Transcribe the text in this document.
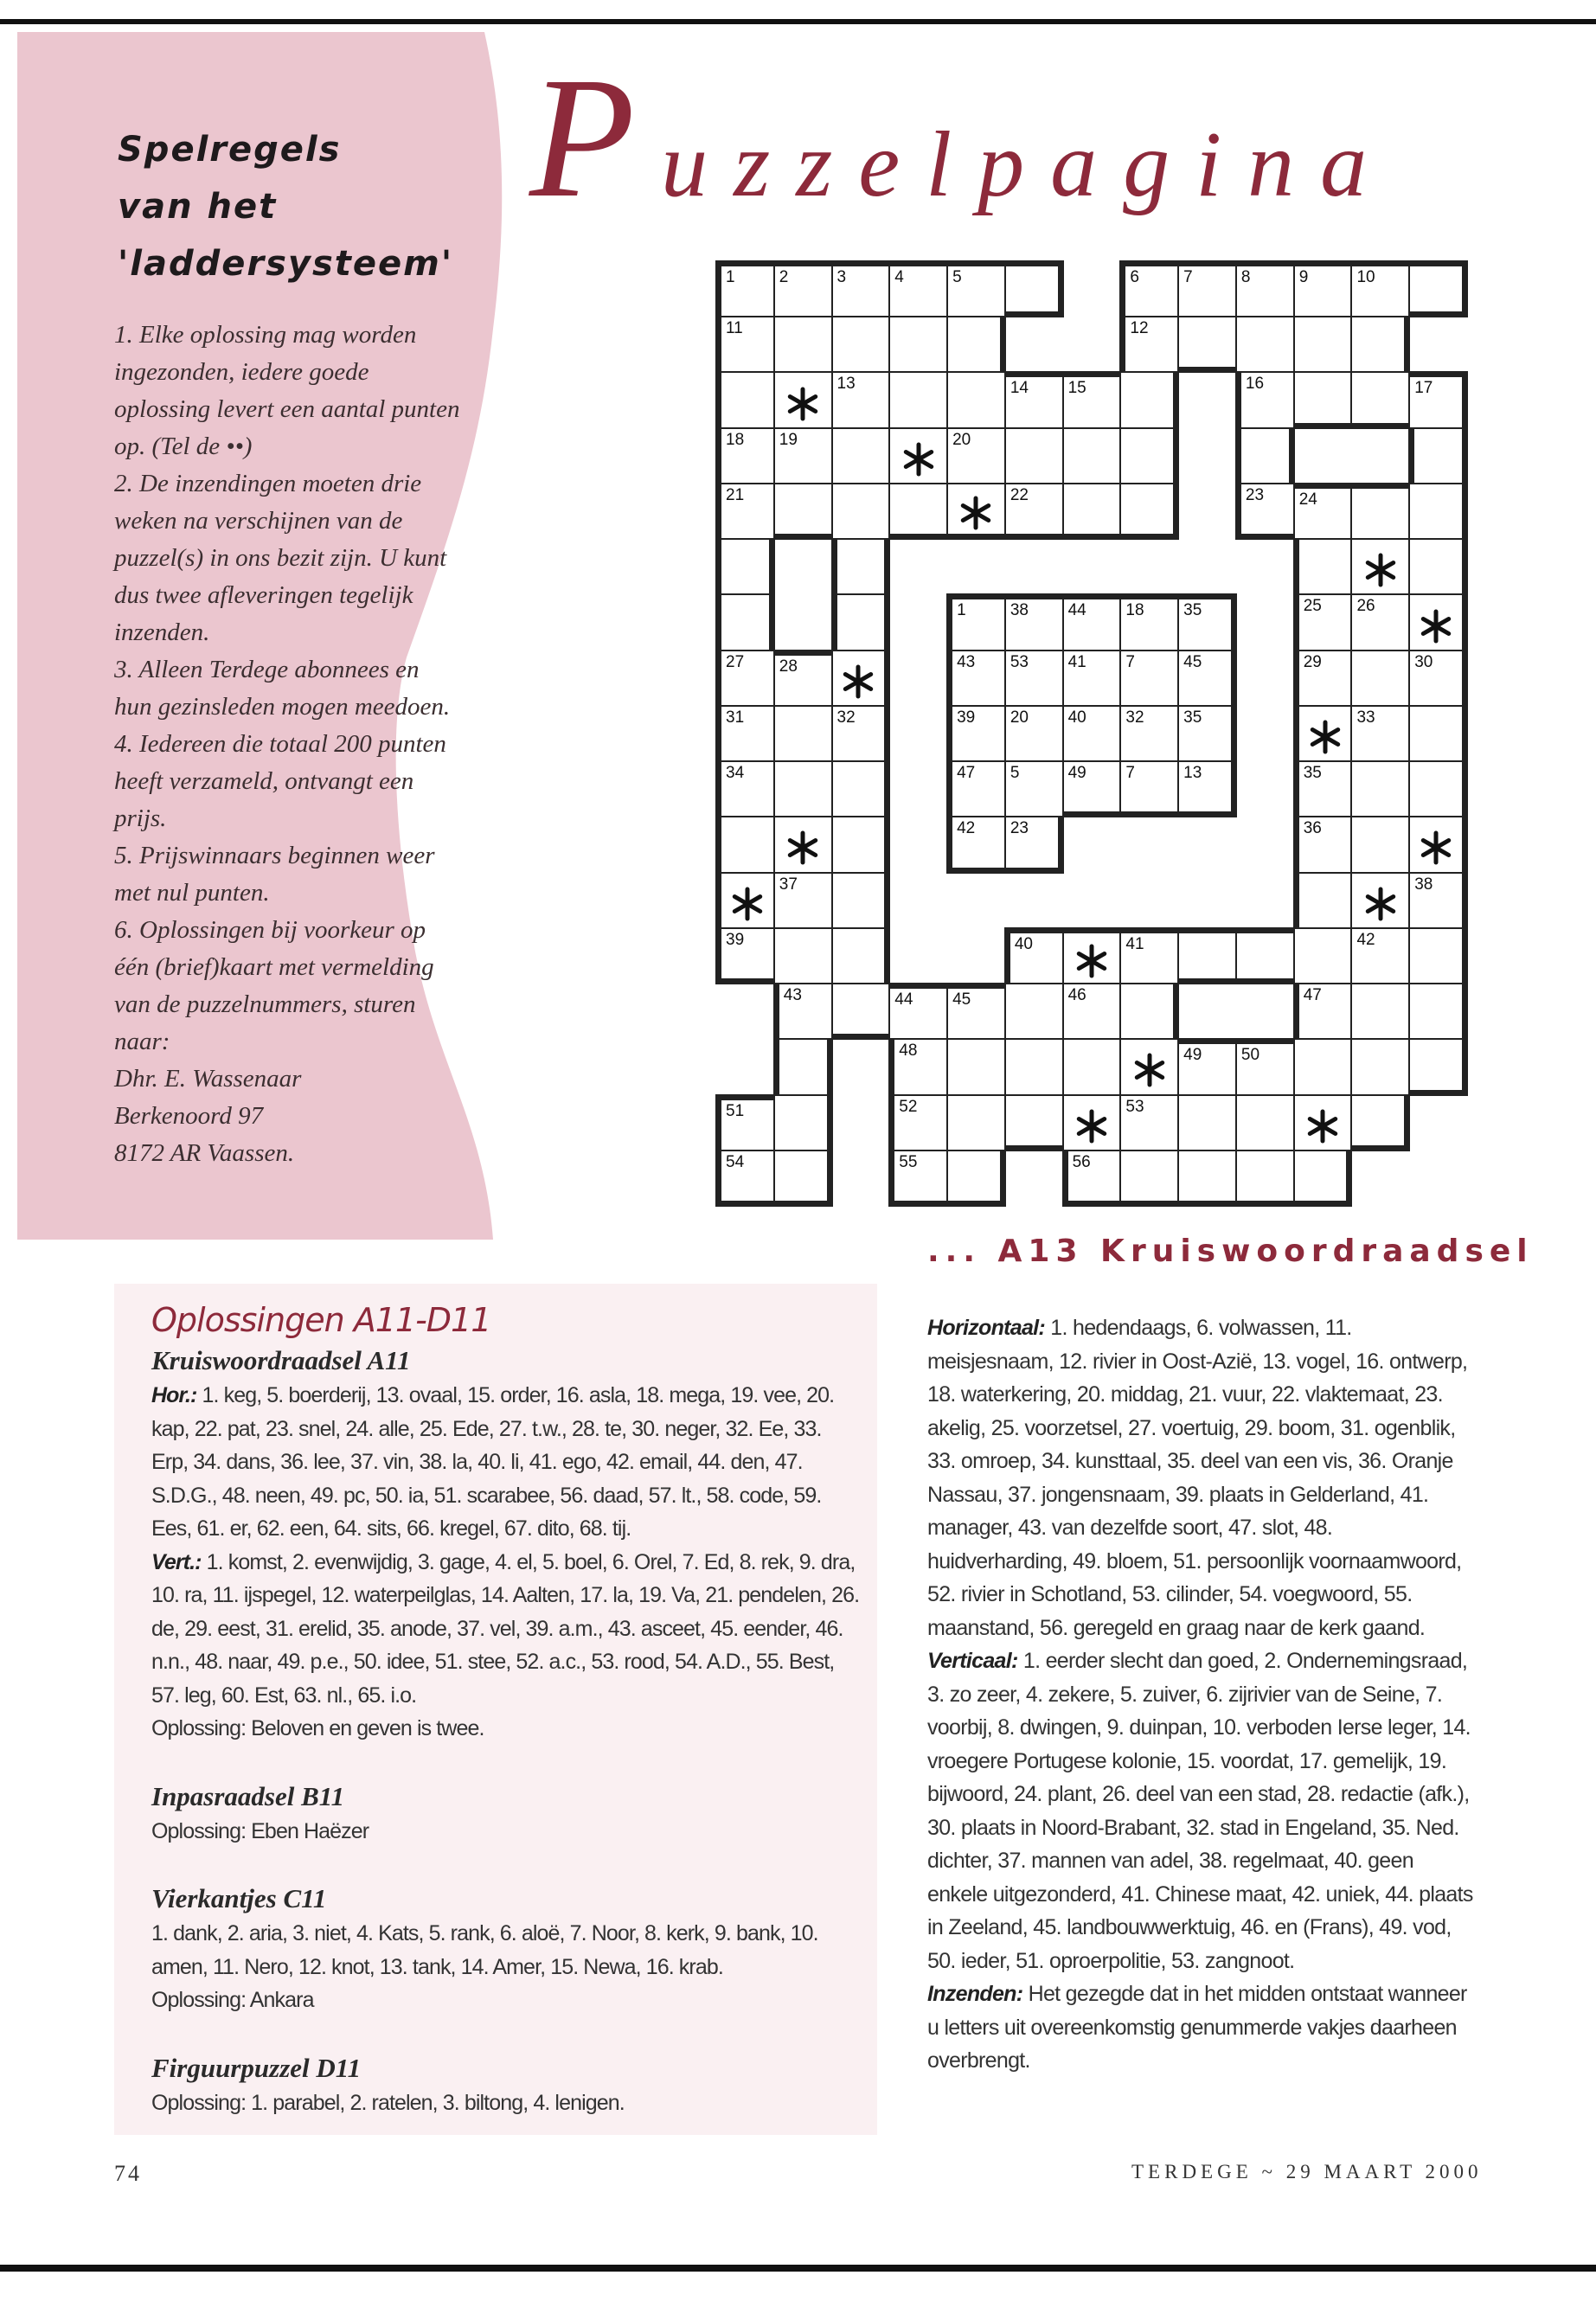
Spelregels
van het
'laddersysteem'

1. Elke oplossing mag worden ingezonden, iedere goede oplossing levert een aantal punten op. (Tel de ••)

2. De inzendingen moeten drie weken na verschijnen van de puzzel(s) in ons bezit zijn. U kunt dus twee afleveringen tegelijk inzenden.

3. Alleen Terdege abonnees en hun gezinsleden mogen meedoen.

4. Iedereen die totaal 200 punten heeft verzameld, ontvangt een prijs.

5. Prijswinnaars beginnen weer met nul punten.

6. Oplossingen bij voorkeur op één (brief)kaart met vermelding van de puzzelnummers, sturen naar:

Dhr. E. Wassenaar

Berkenoord 97

8172 AR Vaassen.

Puzzelpagina
1	2	3	4	5	6	7	8	9	10
11	12
13	14 15	16	17
18 19	20
21	22	23 24
1	38 44 18 35	25 26
27 28	43 53 41 7	45	29	30
31	32	39 20 40 32 35	33
34	47 5	49 7	13	35
42 23	36
37	38
39	40	41	42
43	44 45	46	47
48	49 50
51	52	53
54	55	56
... A13 Kruiswoordraadsel

Oplossingen A11-D11

Kruiswoordraadsel A11

Hor.: 1. keg, 5. boerderij, 13. ovaal, 15. order, 16. asla, 18. mega, 19. vee, 20. kap, 22. pat, 23. snel, 24. alle, 25. Ede, 27. t.w., 28. te, 30. neger, 32. Ee, 33. Erp, 34. dans, 36. lee, 37. vin, 38. la, 40. li, 41. ego, 42. email, 44. den, 47. S.D.G., 48. neen, 49. pc, 50. ia, 51. scarabee, 56. daad, 57. lt., 58. code, 59. Ees, 61. er, 62. een, 64. sits, 66. kregel, 67. dito, 68. tij.

Vert.: 1. komst, 2. evenwijdig, 3. gage, 4. el, 5. boel, 6. Orel, 7. Ed, 8. rek, 9. dra, 10. ra, 11. ijspegel, 12. waterpeilglas, 14. Aalten, 17. la, 19. Va, 21. pendelen, 26. de, 29. eest, 31. erelid, 35. anode, 37. vel, 39. a.m., 43. asceet, 45. eender, 46. n.n., 48. naar, 49. p.e., 50. idee, 51. stee, 52. a.c., 53. rood, 54. A.D., 55. Best, 57. leg, 60. Est, 63. nl., 65. i.o.

Oplossing: Beloven en geven is twee.

Inpasraadsel B11

Oplossing: Eben Haëzer

Vierkantjes C11

1. dank, 2. aria, 3. niet, 4. Kats, 5. rank, 6. aloë, 7. Noor, 8. kerk, 9. bank, 10. amen, 11. Nero, 12. knot, 13. tank, 14. Amer, 15. Newa, 16. krab.

Oplossing: Ankara

Firguurpuzzel D11

Oplossing: 1. parabel, 2. ratelen, 3. biltong, 4. lenigen.

Horizontaal: 1. hedendaags, 6. volwassen, 11. meisjesnaam, 12. rivier in Oost-Azië, 13. vogel, 16. ontwerp, 18. waterkering, 20. middag, 21. vuur, 22. vlaktemaat, 23. akelig, 25. voorzetsel, 27. voertuig, 29. boom, 31. ogenblik, 33. omroep, 34. kunsttaal, 35. deel van een vis, 36. Oranje Nassau, 37. jongensnaam, 39. plaats in Gelderland, 41. manager, 43. van dezelfde soort, 47. slot, 48. huidverharding, 49. bloem, 51. persoonlijk voornaamwoord, 52. rivier in Schotland, 53. cilinder, 54. voegwoord, 55. maanstand, 56. geregeld en graag naar de kerk gaand.

Verticaal: 1. eerder slecht dan goed, 2. Ondernemingsraad, 3. zo zeer, 4. zekere, 5. zuiver, 6. zijrivier van de Seine, 7. voorbij, 8. dwingen, 9. duinpan, 10. verboden Ierse leger, 14. vroegere Portugese kolonie, 15. voordat, 17. gemelijk, 19. bijwoord, 24. plant, 26. deel van een stad, 28. redactie (afk.), 30. plaats in Noord-Brabant, 32. stad in Engeland, 35. Ned. dichter, 37. mannen van adel, 38. regelmaat, 40. geen enkele uitgezonderd, 41. Chinese maat, 42. uniek, 44. plaats in Zeeland, 45. landbouwwerktuig, 46. en (Frans), 49. vod, 50. ieder, 51. oproerpolitie, 53. zangnoot.

Inzenden: Het gezegde dat in het midden ontstaat wanneer u letters uit overeenkomstig genummerde vakjes daarheen overbrengt.

74	TERDEGE ~ 29 MAART 2000
